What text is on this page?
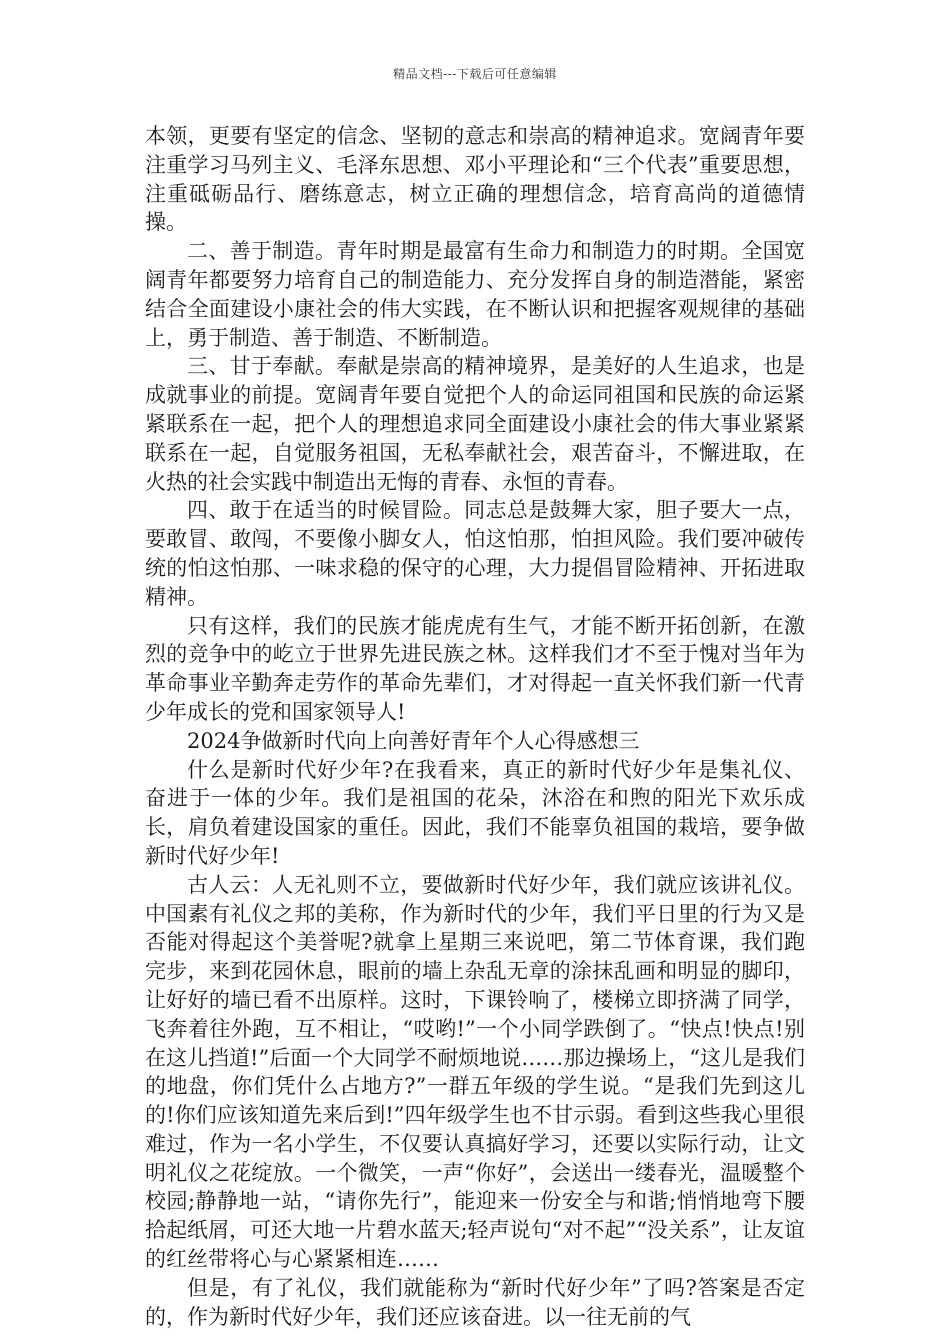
精品文档---下载后可任意编辑

本领，更要有坚定的信念、坚韧的意志和崇高的精神追求。宽阔青年要注重学习马列主义、毛泽东思想、邓小平理论和“三个代表”重要思想，注重砥砺品行、磨练意志，树立正确的理想信念，培育高尚的道德情操。

二、善于制造。青年时期是最富有生命力和制造力的时期。全国宽阔青年都要努力培育自己的制造能力、充分发挥自身的制造潜能，紧密结合全面建设小康社会的伟大实践，在不断认识和把握客观规律的基础上，勇于制造、善于制造、不断制造。

三、甘于奉献。奉献是崇高的精神境界，是美好的人生追求，也是成就事业的前提。宽阔青年要自觉把个人的命运同祖国和民族的命运紧紧联系在一起，把个人的理想追求同全面建设小康社会的伟大事业紧紧联系在一起，自觉服务祖国，无私奉献社会，艰苦奋斗，不懈进取，在火热的社会实践中制造出无悔的青春、永恒的青春。

四、敢于在适当的时候冒险。同志总是鼓舞大家，胆子要大一点，要敢冒、敢闯，不要像小脚女人，怕这怕那，怕担风险。我们要冲破传统的怕这怕那、一味求稳的保守的心理，大力提倡冒险精神、开拓进取精神。

只有这样，我们的民族才能虎虎有生气，才能不断开拓创新，在激烈的竞争中的屹立于世界先进民族之林。这样我们才不至于愧对当年为革命事业辛勤奔走劳作的革命先辈们，才对得起一直关怀我们新一代青少年成长的党和国家领导人!

2024争做新时代向上向善好青年个人心得感想三

什么是新时代好少年?在我看来，真正的新时代好少年是集礼仪、奋进于一体的少年。我们是祖国的花朵，沐浴在和煦的阳光下欢乐成长，肩负着建设国家的重任。因此，我们不能辜负祖国的栽培，要争做新时代好少年!

古人云：人无礼则不立，要做新时代好少年，我们就应该讲礼仪。中国素有礼仪之邦的美称，作为新时代的少年，我们平日里的行为又是否能对得起这个美誉呢?就拿上星期三来说吧，第二节体育课，我们跑完步，来到花园休息，眼前的墙上杂乱无章的涂抹乱画和明显的脚印，让好好的墙已看不出原样。这时，下课铃响了，楼梯立即挤满了同学，飞奔着往外跑，互不相让，“哎哟!”一个小同学跌倒了。“快点!快点!别在这儿挡道!”后面一个大同学不耐烦地说……那边操场上，“这儿是我们的地盘，你们凭什么占地方?”一群五年级的学生说。“是我们先到这儿的!你们应该知道先来后到!”四年级学生也不甘示弱。看到这些我心里很难过，作为一名小学生，不仅要认真搞好学习，还要以实际行动，让文明礼仪之花绽放。一个微笑，一声“你好”，会送出一缕春光，温暖整个校园;静静地一站，“请你先行”，能迎来一份安全与和谐;悄悄地弯下腰拾起纸屑，可还大地一片碧水蓝天;轻声说句“对不起”“没关系”，让友谊的红丝带将心与心紧紧相连……

但是，有了礼仪，我们就能称为“新时代好少年”了吗?答案是否定的，作为新时代好少年，我们还应该奋进。以一往无前的气
